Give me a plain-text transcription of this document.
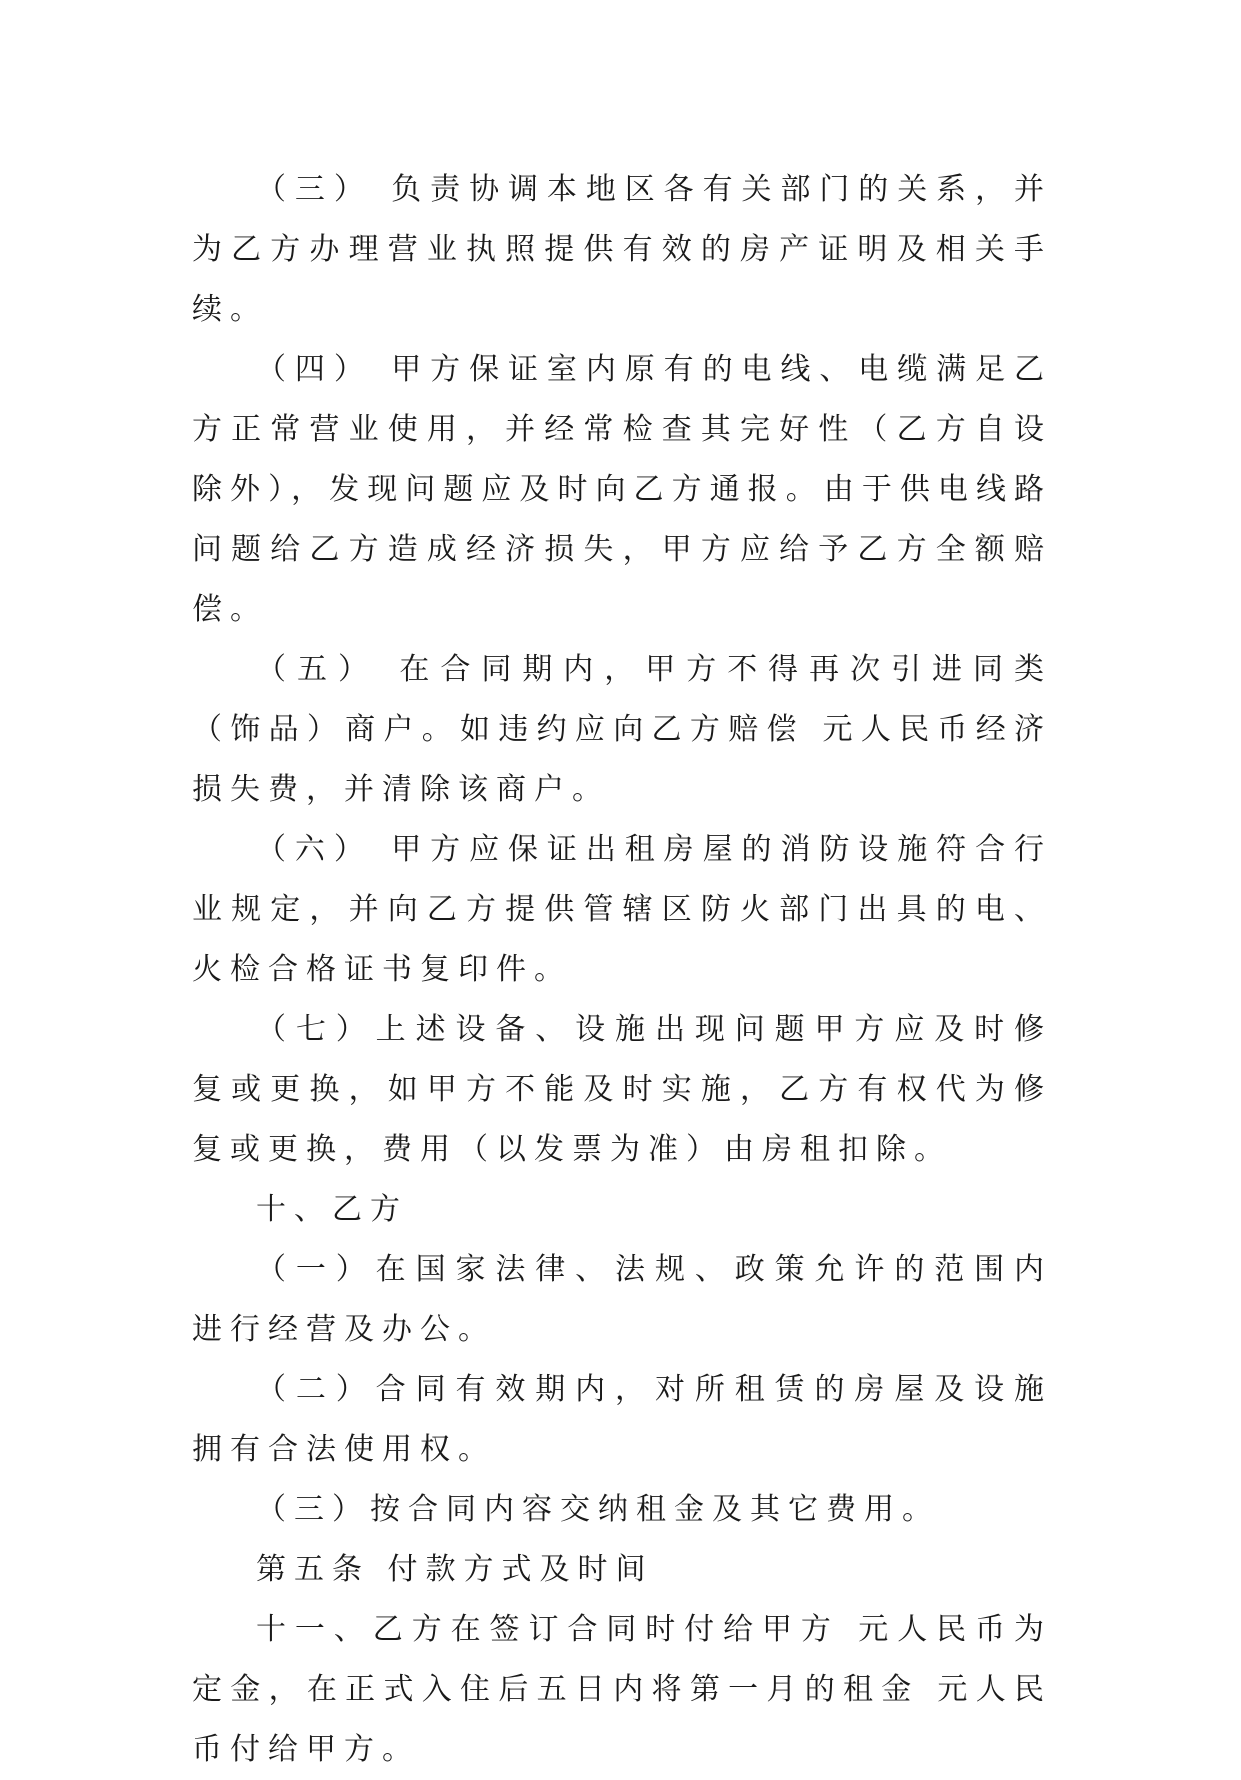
（三） 负责协调本地区各有关部门的关系，并为乙方办理营业执照提供有效的房产证明及相关手续。

（四） 甲方保证室内原有的电线、电缆满足乙方正常营业使用，并经常检查其完好性（乙方自设除外），发现问题应及时向乙方通报。由于供电线路问题给乙方造成经济损失，甲方应给予乙方全额赔偿。

（五） 在合同期内，甲方不得再次引进同类（饰品）商户。如违约应向乙方赔偿 元人民币经济损失费，并清除该商户。

（六） 甲方应保证出租房屋的消防设施符合行业规定，并向乙方提供管辖区防火部门出具的电、火检合格证书复印件。

（七）上述设备、设施出现问题甲方应及时修复或更换，如甲方不能及时实施，乙方有权代为修复或更换，费用（以发票为准）由房租扣除。

十、乙方

（一）在国家法律、法规、政策允许的范围内进行经营及办公。

（二）合同有效期内，对所租赁的房屋及设施拥有合法使用权。

（三）按合同内容交纳租金及其它费用。

第五条 付款方式及时间

十一、乙方在签订合同时付给甲方 元人民币为定金，在正式入住后五日内将第一月的租金 元人民币付给甲方。
